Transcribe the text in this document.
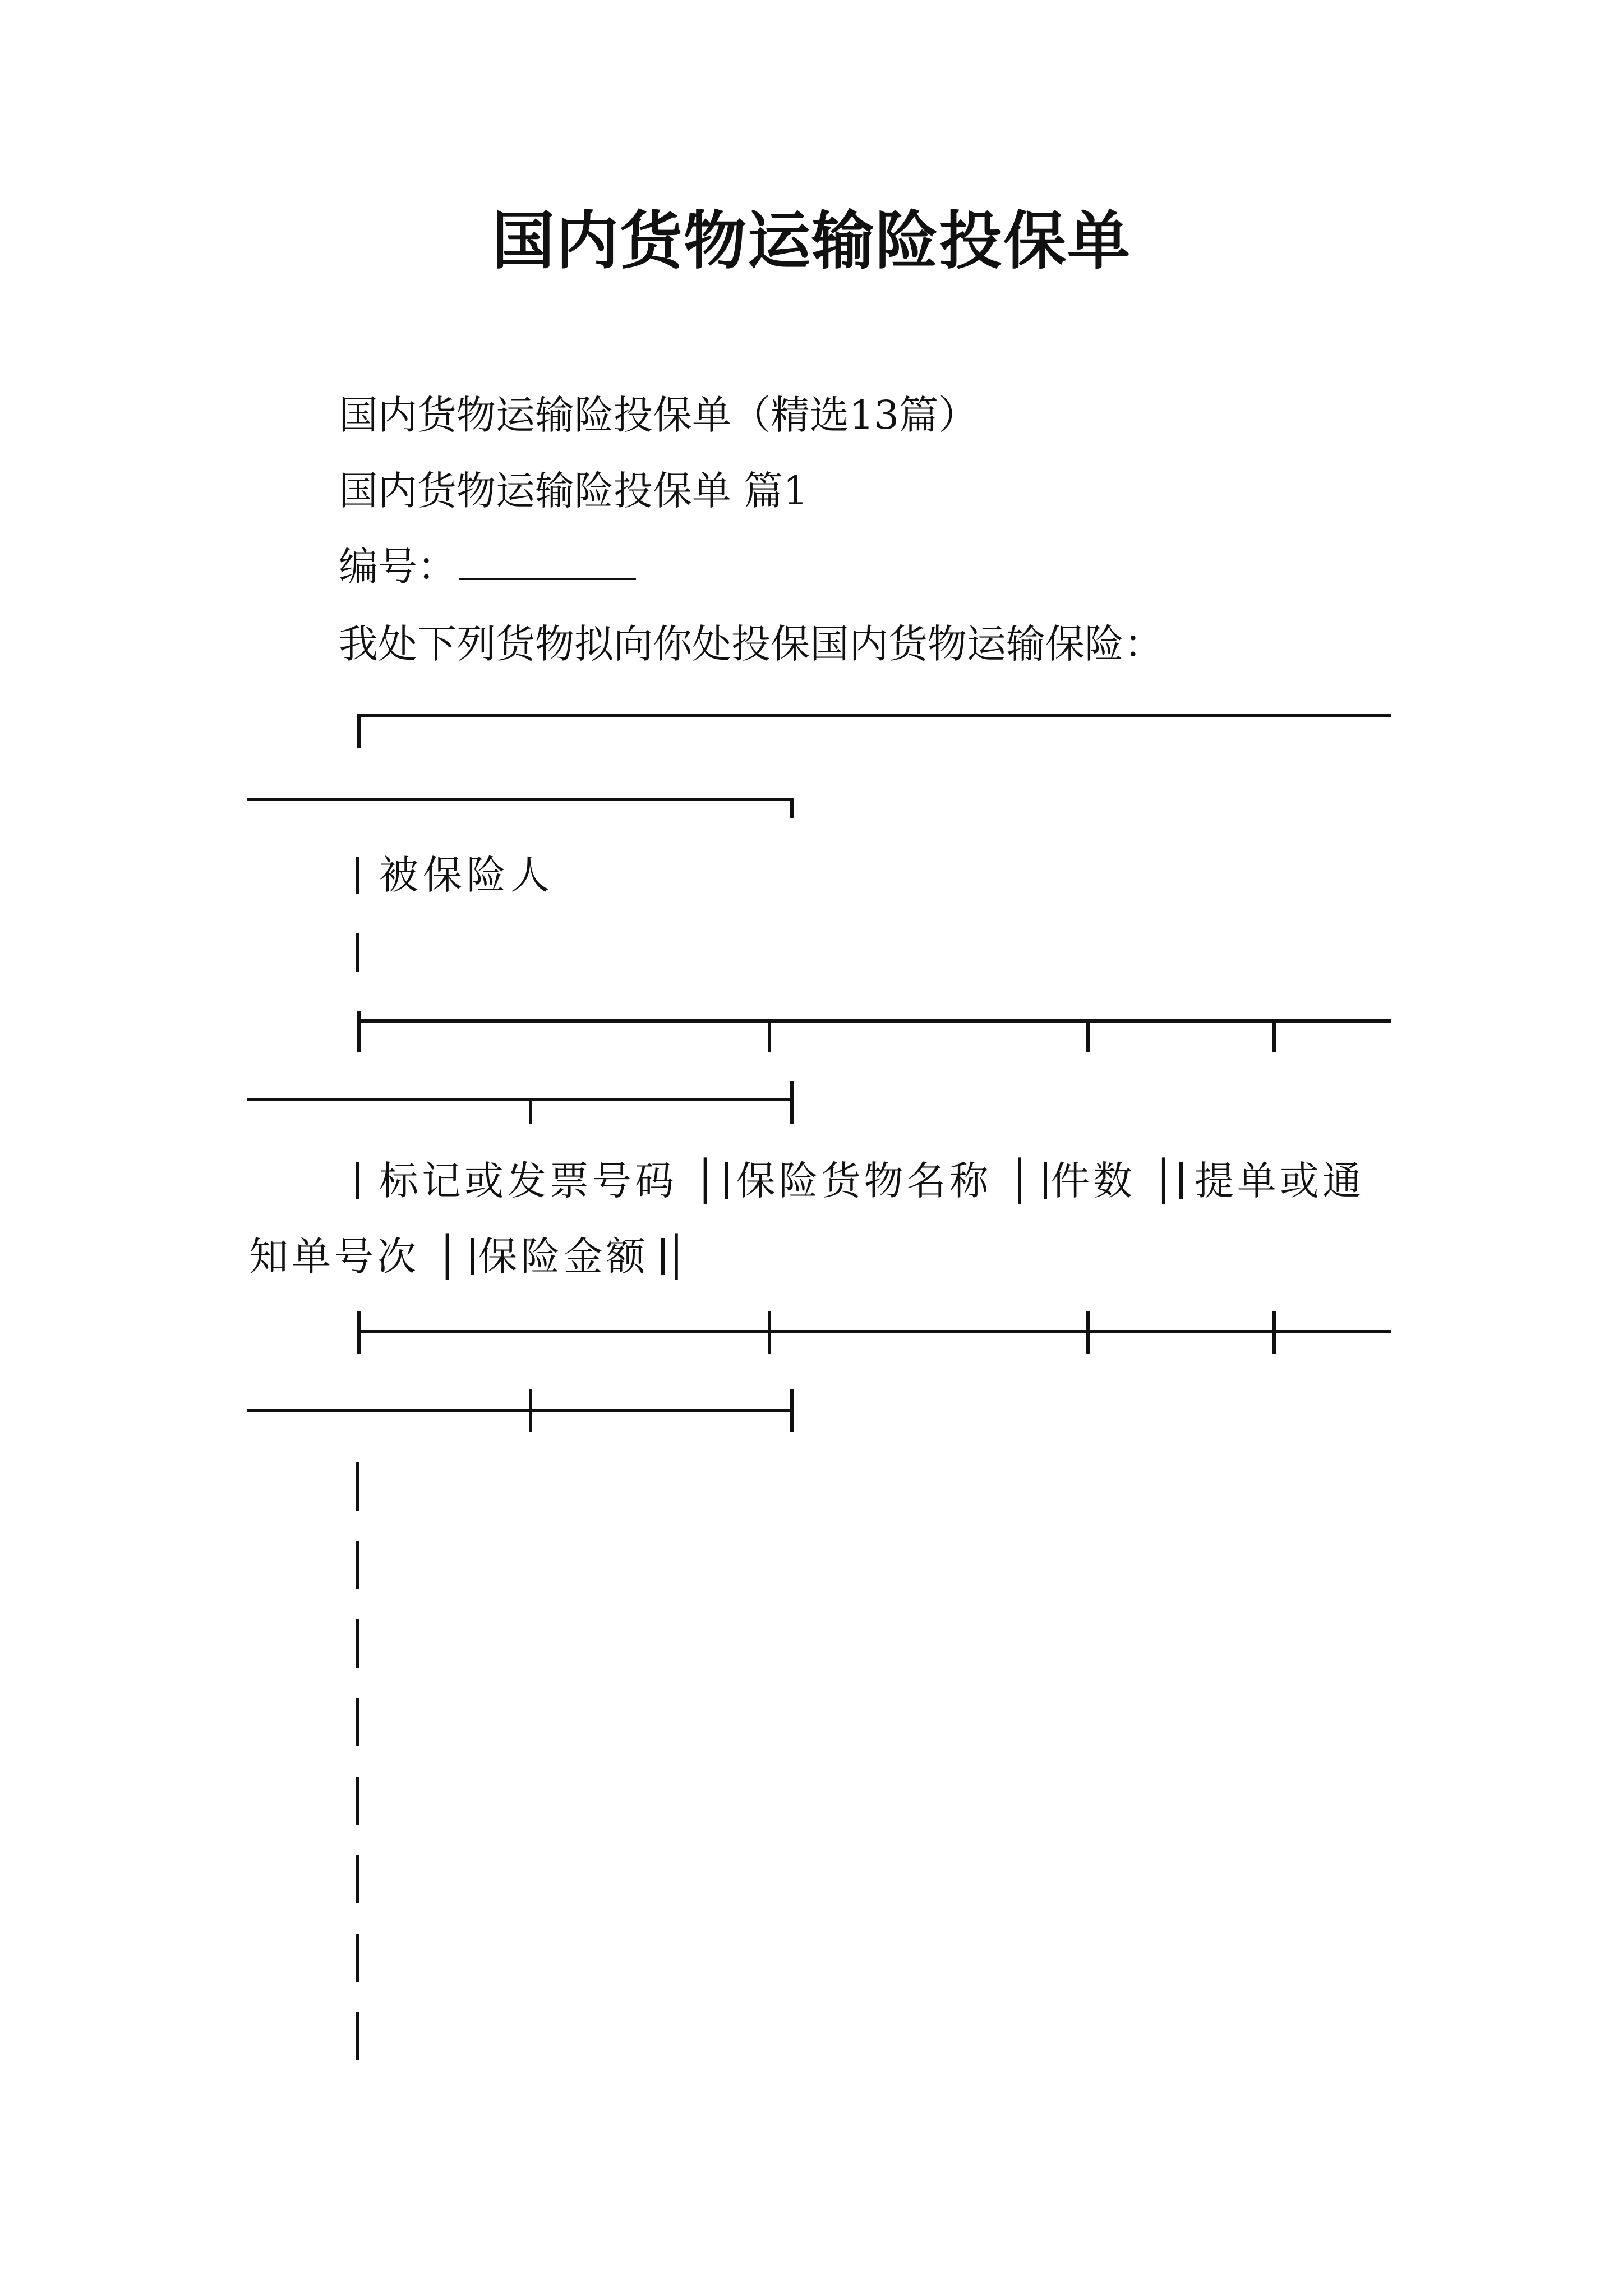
国内货物运输险投保单
国内货物运输险投保单（精选13篇）
国内货物运输险投保单 篇1
编号：
我处下列货物拟向你处投保国内货物运输保险：
被保险人
标记或发票号码 │ 保险货物名称 │ 件数 │ 提单或通
知单号次 │ 保险金额 │
